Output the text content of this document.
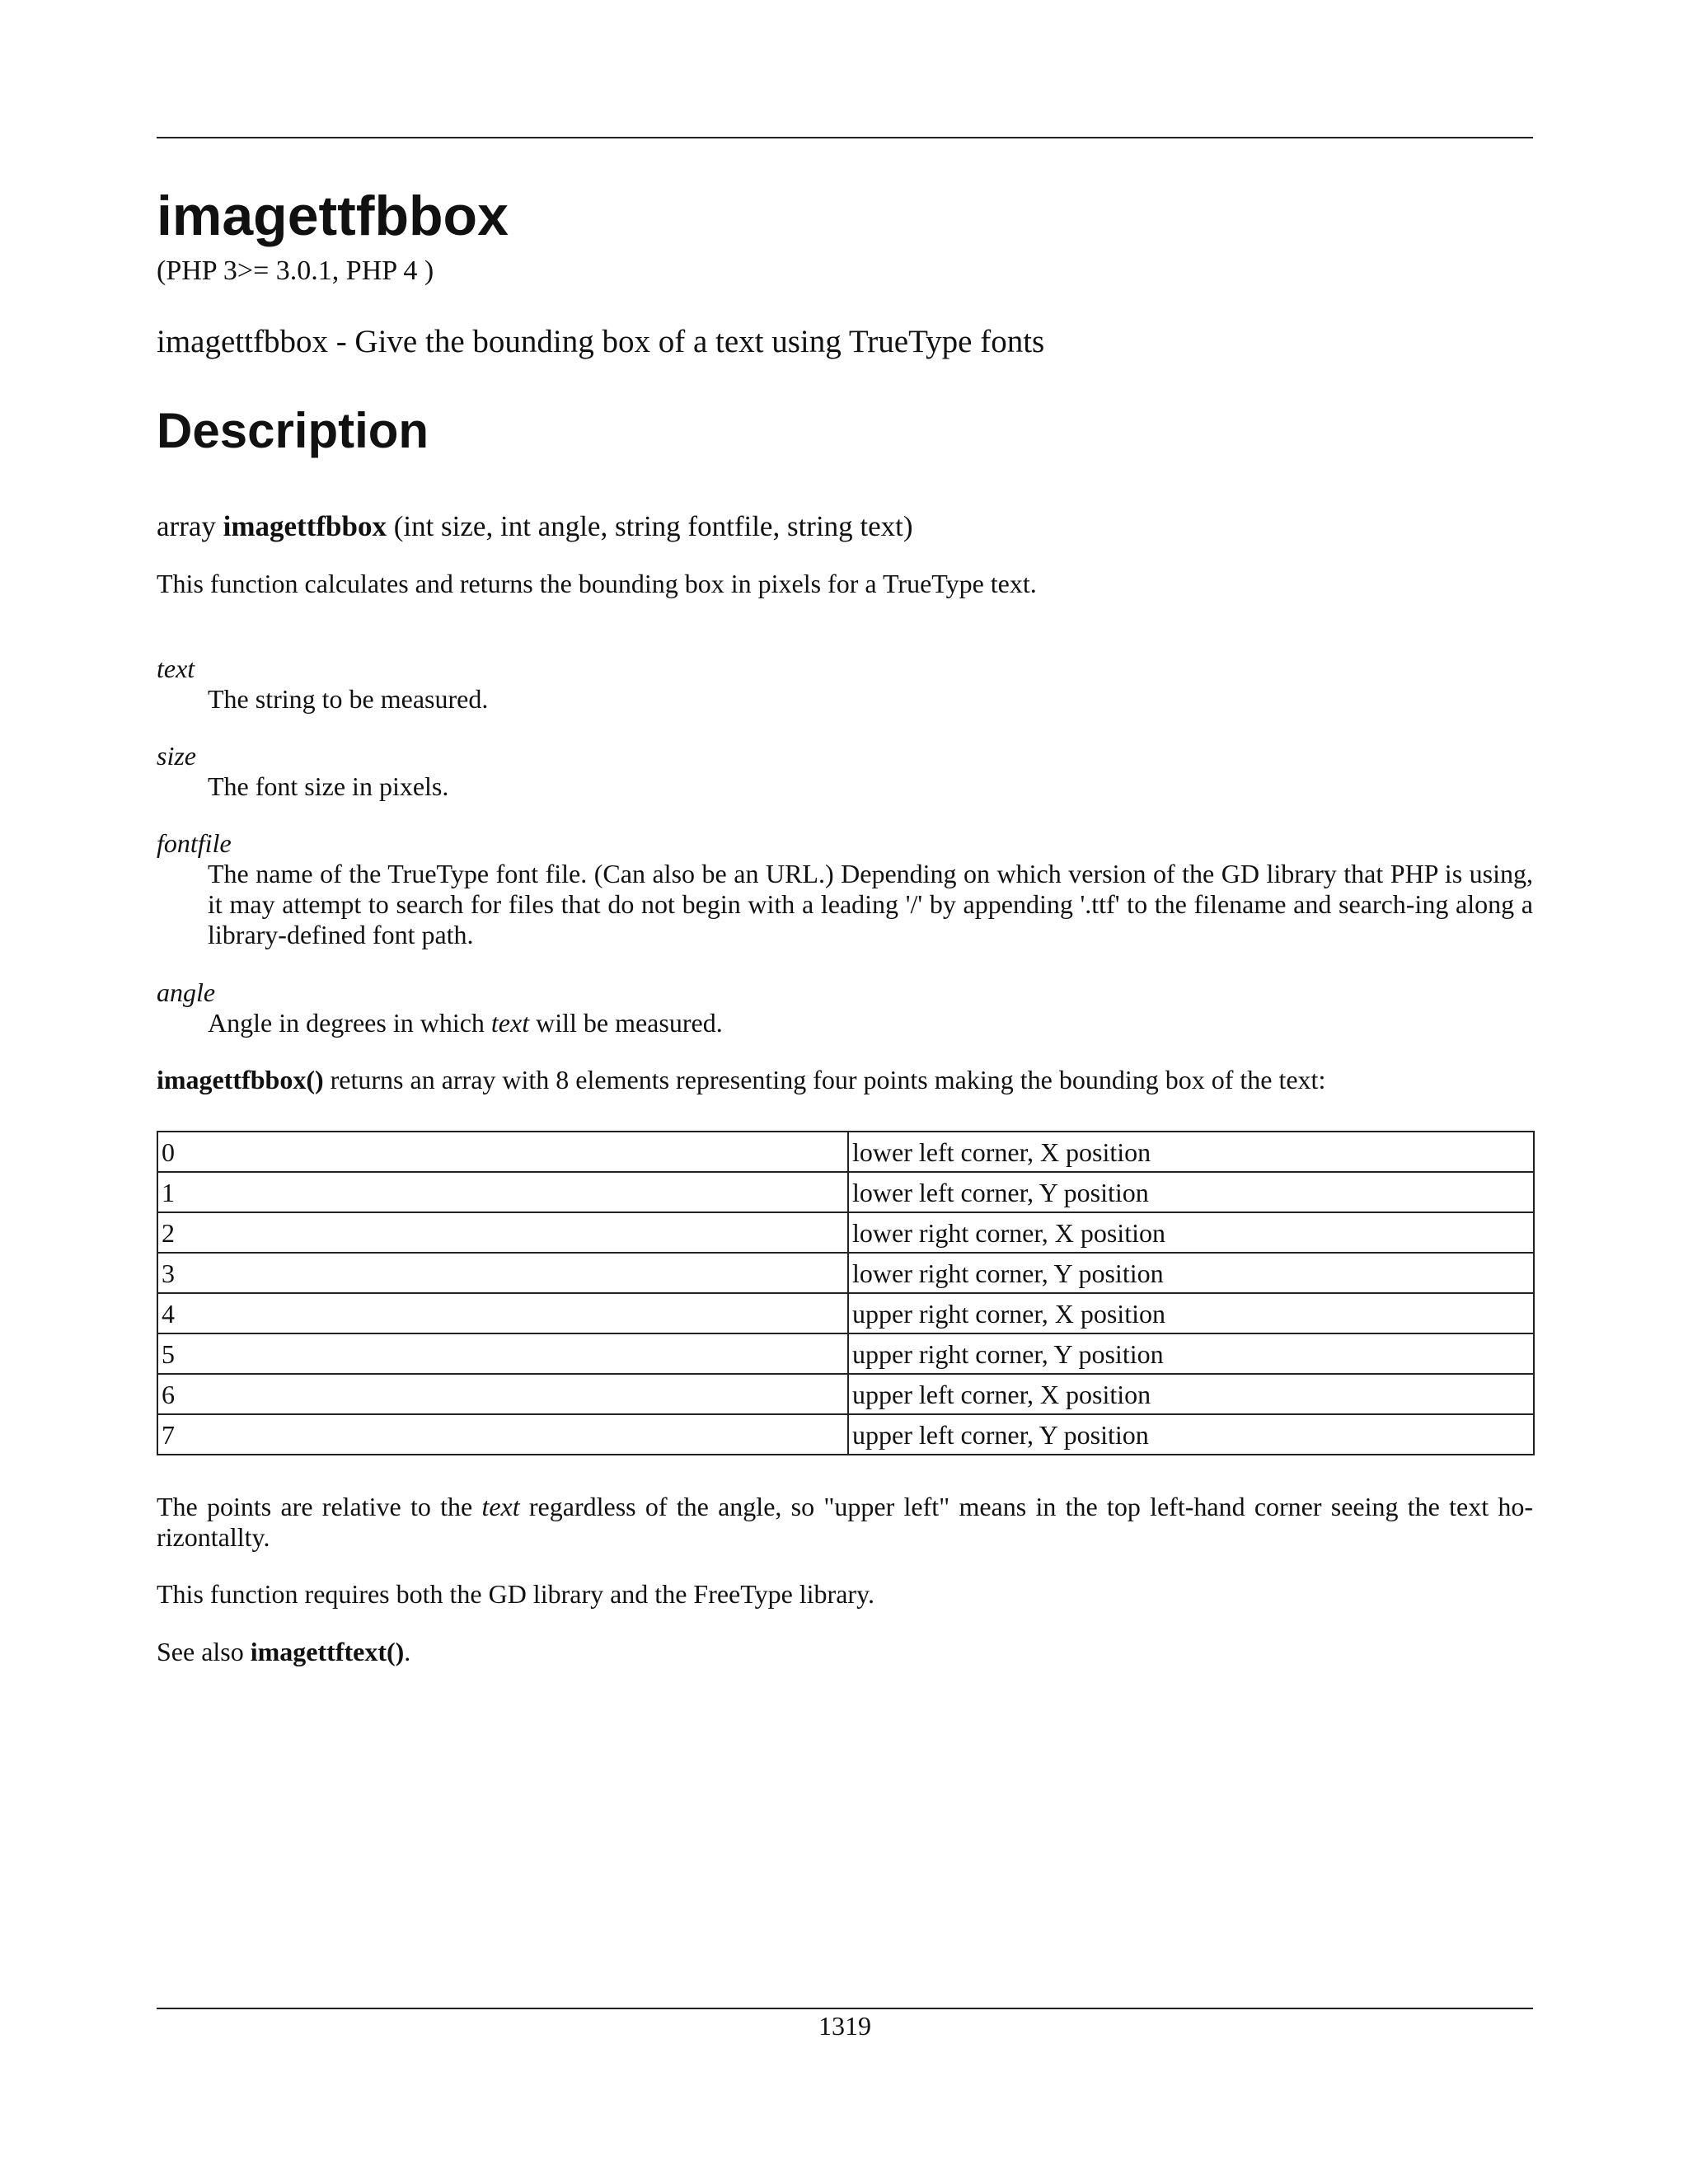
imagettfbbox
(PHP 3>= 3.0.1, PHP 4 )
imagettfbbox - Give the bounding box of a text using TrueType fonts
Description
array imagettfbbox (int size, int angle, string fontfile, string text)

This function calculates and returns the bounding box in pixels for a TrueType text.

text
The string to be measured.
size
The font size in pixels.
fontfile
The name of the TrueType font file. (Can also be an URL.) Depending on which version of the GD library that PHP is using, it may attempt to search for files that do not begin with a leading '/' by appending '.ttf' to the filename and search-ing along a library-defined font path.
angle
Angle in degrees in which text will be measured.

imagettfbbox() returns an array with 8 elements representing four points making the bounding box of the text:

0	lower left corner, X position
1	lower left corner, Y position
2	lower right corner, X position
3	lower right corner, Y position
4	upper right corner, X position
5	upper right corner, Y position
6	upper left corner, X position
7	upper left corner, Y position

The points are relative to the text regardless of the angle, so "upper left" means in the top left-hand corner seeing the text ho-rizontallty.

This function requires both the GD library and the FreeType library.

See also imagettftext().

1319
